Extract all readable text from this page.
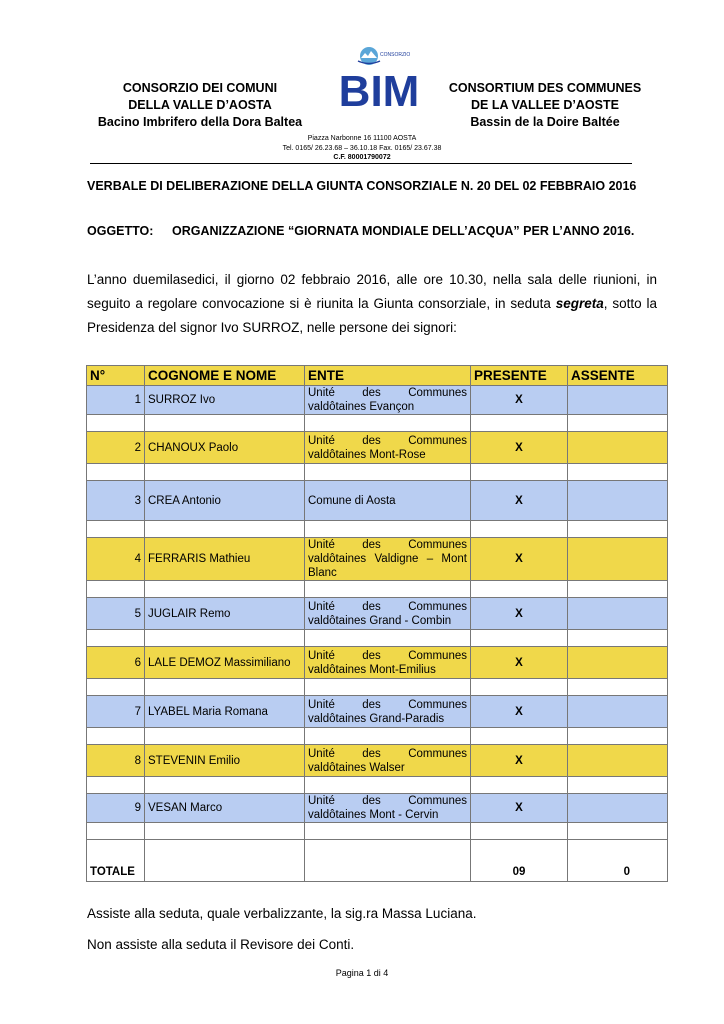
CONSORZIO DEI COMUNI
DELLA VALLE D’AOSTA
Bacino Imbrifero della Dora Baltea
CONSORZIO
BIM	CONSORTIUM DES COMMUNES
DE LA VALLEE D’AOSTE
Bassin de la Doire Baltée
Piazza Narbonne 16 11100 AOSTA
Tel. 0165/ 26.23.68 – 36.10.18 Fax. 0165/ 23.67.38
C.F. 80001790072
VERBALE DI DELIBERAZIONE DELLA GIUNTA CONSORZIALE N. 20 DEL 02 FEBBRAIO 2016
OGGETTO: ORGANIZZAZIONE “GIORNATA MONDIALE DELL’ACQUA” PER L’ANNO 2016.
L’anno duemilasedici, il giorno 02 febbraio 2016, alle ore 10.30, nella sala delle riunioni, in seguito a regolare convocazione si è riunita la Giunta consorziale, in seduta segreta, sotto la Presidenza del signor Ivo SURROZ, nelle persone dei signori:
N°	COGNOME E NOME	ENTE	PRESENTE	ASSENTE
1	SURROZ Ivo	Unité des Communes valdôtaines Evançon	X	

2	CHANOUX Paolo	Unité des Communes valdôtaines Mont-Rose	X	

3	CREA Antonio	Comune di Aosta	X	

4	FERRARIS Mathieu	Unité des Communes valdôtaines Valdigne – Mont Blanc	X	

5	JUGLAIR Remo	Unité des Communes valdôtaines Grand - Combin	X	

6	LALE DEMOZ Massimiliano	Unité des Communes valdôtaines Mont-Emilius	X	

7	LYABEL Maria Romana	Unité des Communes valdôtaines Grand-Paradis	X	

8	STEVENIN Emilio	Unité des Communes valdôtaines Walser	X	

9	VESAN Marco	Unité des Communes valdôtaines Mont - Cervin	X	

TOTALE			09	0
Assiste alla seduta, quale verbalizzante, la sig.ra Massa Luciana.
Non assiste alla seduta il Revisore dei Conti.
Pagina 1 di 4
